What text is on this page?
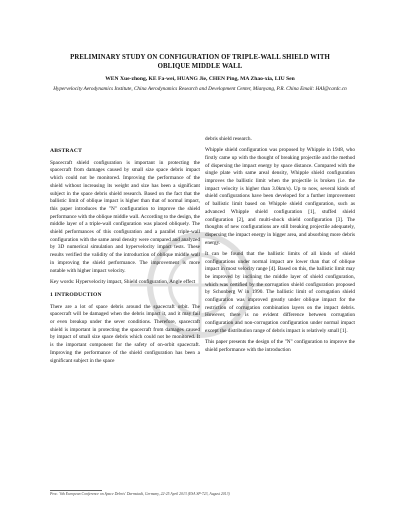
PRELIMINARY STUDY ON CONFIGURATION OF TRIPLE-WALL SHIELD WITH OBLIQUE MIDDLE WALL
WEN Xue-zhong, KE Fa-wei, HUANG Jie, CHEN Ping, MA Zhao-xia, LIU Sen
Hypervelocity Aerodynamics Institute, China Aerodynamics Research and Development Center, Mianyang, P.R. China Email: HAI@cardc.cn
ABSTRACT

Spacecraft shield configuration is important in protecting the spacecraft from damages caused by small size space debris impact which could not be monitored. Improving the performance of the shield without increasing its weight and size has been a significant subject in the space debris shield research. Based on the fact that the ballistic limit of oblique impact is higher than that of normal impact, this paper introduces the "N" configuration to improve the shield performance with the oblique middle wall. According to the design, the middle layer of a triple-wall configuration was placed obliquely. The shield performances of this configuration and a parallel triple-wall configuration with the same areal density were compared and analyzed by 3D numerical simulation and hypervelocity impact tests. These results verified the validity of the introduction of oblique middle wall in improving the shield performance. The improvement is more notable with higher impact velocity.

Key words: Hypervelocity impact, Shield configuration, Angle effect

1 INTRODUCTION

There are a lot of space debris around the spacecraft orbit. The spacecraft will be damaged when the debris impact it, and it may fail or even breakup under the sever conditions. Therefore, spacecraft shield is important in protecting the spacecraft from damages caused by impact of small size space debris which could not be monitored. It is the important component for the safety of on-orbit spacecraft. Improving the performance of the shield configuration has been a significant subject in the space

debris shield research.

Whipple shield configuration was proposed by Whipple in 1948, who firstly came up with the thought of breaking projectile and the method of dispersing the impact energy by space distance. Compared with the single plate with same areal density, Whipple shield configuration improves the ballistic limit when the projectile is broken (i.e. the impact velocity is higher than 3.0km/s). Up to now, several kinds of shield configurations have been developed for a further improvement of ballistic limit based on Whipple shield configuration, such as advanced Whipple shield configuration [1], stuffed shield configuration [2], and multi-shock shield configuration [3]. The thoughts of new configurations are still breaking projectile adequately, dispersing the impact energy in bigger area, and absorbing more debris energy.

It can be found that the ballistic limits of all kinds of shield configurations under normal impact are lower than that of oblique impact in most velocity range [4]. Based on this, the ballistic limit may be improved by inclining the middle layer of shield configuration, which was certified by the corrugation shield configuration proposed by Schonberg W in 1990. The ballistic limit of corrugation shield configuration was improved greatly under oblique impact for the restriction of corrugation combination layers on the impact debris. However, there is no evident difference between corrugation configuration and non-corrugation configuration under normal impact except the distribution range of debris impact is relatively small [1].

This paper presents the design of the "N" configuration to improve the shield performance with the introduction

Proc. '6th European Conference on Space Debris' Darmstadt, Germany, 22-25 April 2013 (ESA SP-723, August 2013)
